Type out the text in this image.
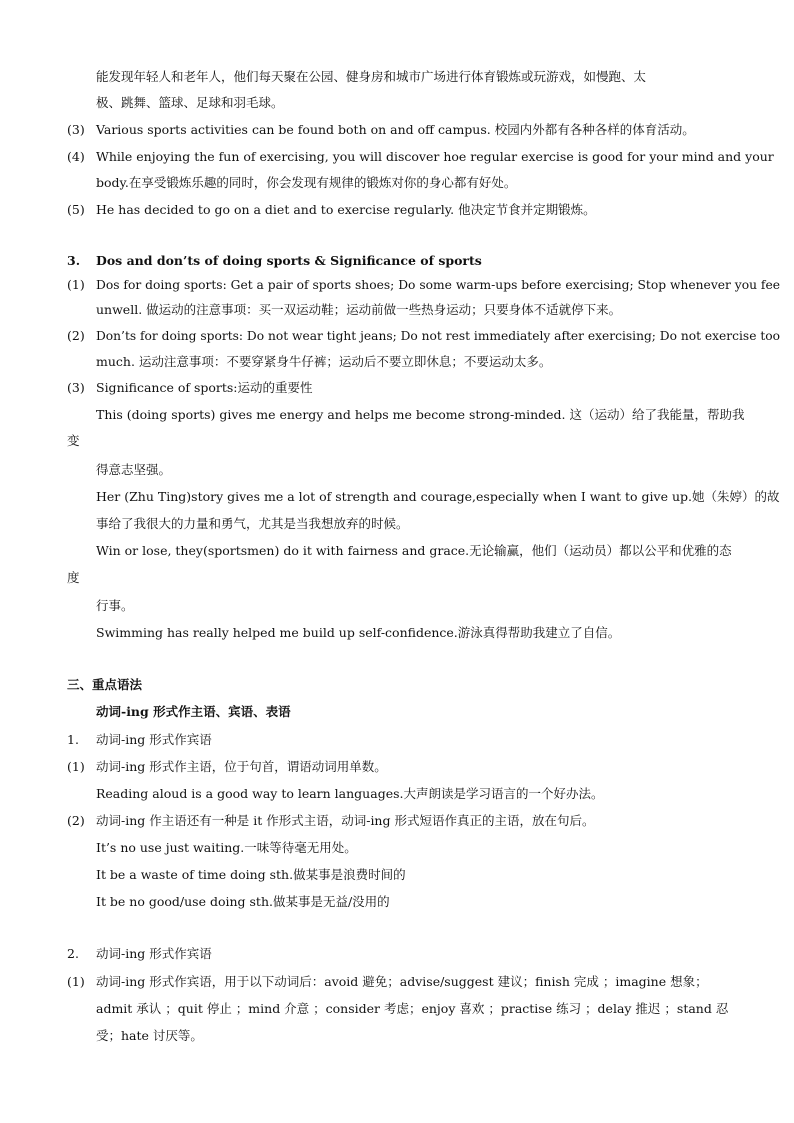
能发现年轻人和老年人，他们每天聚在公园、健身房和城市广场进行体育锻炼或玩游戏，如慢跑、太
极、跳舞、篮球、足球和羽毛球。
(3) Various sports activities can be found both on and off campus. 校园内外都有各种各样的体育活动。
(4) While enjoying the fun of exercising, you will discover hoe regular exercise is good for your mind and your
body.在享受锻炼乐趣的同时，你会发现有规律的锻炼对你的身心都有好处。
(5) He has decided to go on a diet and to exercise regularly. 他决定节食并定期锻炼。
3. Dos and don’ts of doing sports & Significance of sports
(1) Dos for doing sports: Get a pair of sports shoes; Do some warm-ups before exercising; Stop whenever you fee
unwell. 做运动的注意事项：买一双运动鞋；运动前做一些热身运动；只要身体不适就停下来。
(2) Don’ts for doing sports: Do not wear tight jeans; Do not rest immediately after exercising; Do not exercise too
much. 运动注意事项：不要穿紧身牛仔裤；运动后不要立即休息；不要运动太多。
(3) Significance of sports:运动的重要性
This (doing sports) gives me energy and helps me become strong-minded. 这（运动）给了我能量，帮助我
变
得意志坚强。
Her (Zhu Ting)story gives me a lot of strength and courage,especially when I want to give up.她（朱婷）的故
事给了我很大的力量和勇气，尤其是当我想放弃的时候。
Win or lose, they(sportsmen) do it with fairness and grace.无论输赢，他们（运动员）都以公平和优雅的态
度
行事。
Swimming has really helped me build up self-confidence.游泳真得帮助我建立了自信。
三、重点语法
动词-ing 形式作主语、宾语、表语
1. 动词-ing 形式作宾语
(1) 动词-ing 形式作主语，位于句首，谓语动词用单数。
Reading aloud is a good way to learn languages.大声朗读是学习语言的一个好办法。
(2) 动词-ing 作主语还有一种是 it 作形式主语，动词-ing 形式短语作真正的主语，放在句后。
It’s no use just waiting.一味等待毫无用处。
It be a waste of time doing sth.做某事是浪费时间的
It be no good/use doing sth.做某事是无益/没用的
2. 动词-ing 形式作宾语
(1) 动词-ing 形式作宾语，用于以下动词后：avoid 避免；advise/suggest 建议；finish 完成 ；imagine 想象；
admit 承认 ；quit 停止 ；mind 介意 ；consider 考虑；enjoy 喜欢 ；practise 练习 ；delay 推迟 ；stand 忍
受；hate 讨厌等。
